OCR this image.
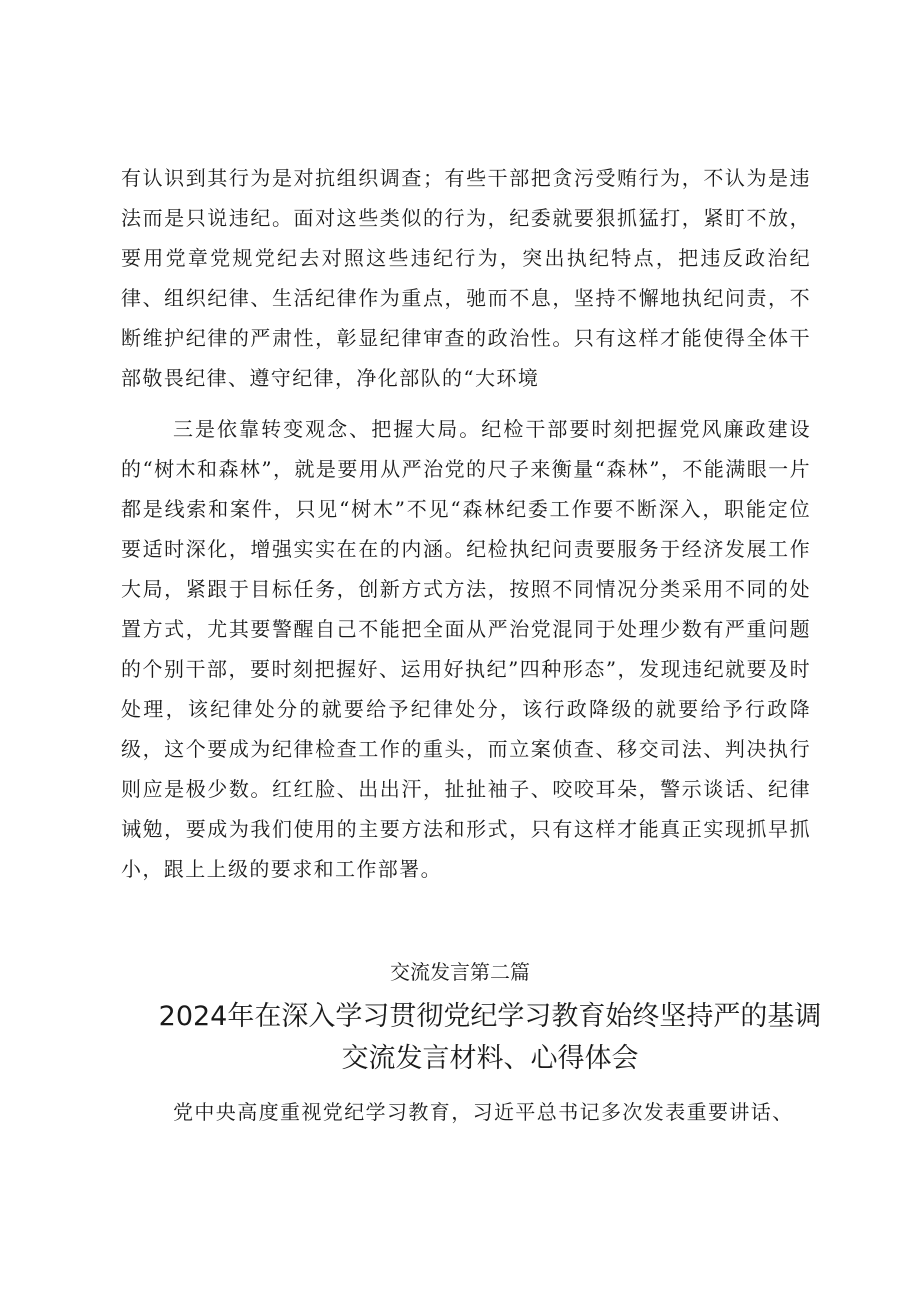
有认识到其行为是对抗组织调查；有些干部把贪污受贿行为，不认为是违法而是只说违纪。面对这些类似的行为，纪委就要狠抓猛打，紧盯不放，要用党章党规党纪去对照这些违纪行为，突出执纪特点，把违反政治纪律、组织纪律、生活纪律作为重点，驰而不息，坚持不懈地执纪问责，不断维护纪律的严肃性，彰显纪律审查的政治性。只有这样才能使得全体干部敬畏纪律、遵守纪律，净化部队的“大环境

三是依靠转变观念、把握大局。纪检干部要时刻把握党风廉政建设的“树木和森林”，就是要用从严治党的尺子来衡量“森林”，不能满眼一片都是线索和案件，只见“树木”不见“森林纪委工作要不断深入，职能定位要适时深化，增强实实在在的内涵。纪检执纪问责要服务于经济发展工作大局，紧跟于目标任务，创新方式方法，按照不同情况分类采用不同的处置方式，尤其要警醒自己不能把全面从严治党混同于处理少数有严重问题的个别干部，要时刻把握好、运用好执纪”四种形态”，发现违纪就要及时处理，该纪律处分的就要给予纪律处分，该行政降级的就要给予行政降级，这个要成为纪律检查工作的重头，而立案侦查、移交司法、判决执行则应是极少数。红红脸、出出汗，扯扯袖子、咬咬耳朵，警示谈话、纪律诫勉，要成为我们使用的主要方法和形式，只有这样才能真正实现抓早抓小，跟上上级的要求和工作部署。

交流发言第二篇

2024年在深入学习贯彻党纪学习教育始终坚持严的基调交流发言材料、心得体会

党中央高度重视党纪学习教育，习近平总书记多次发表重要讲话、
